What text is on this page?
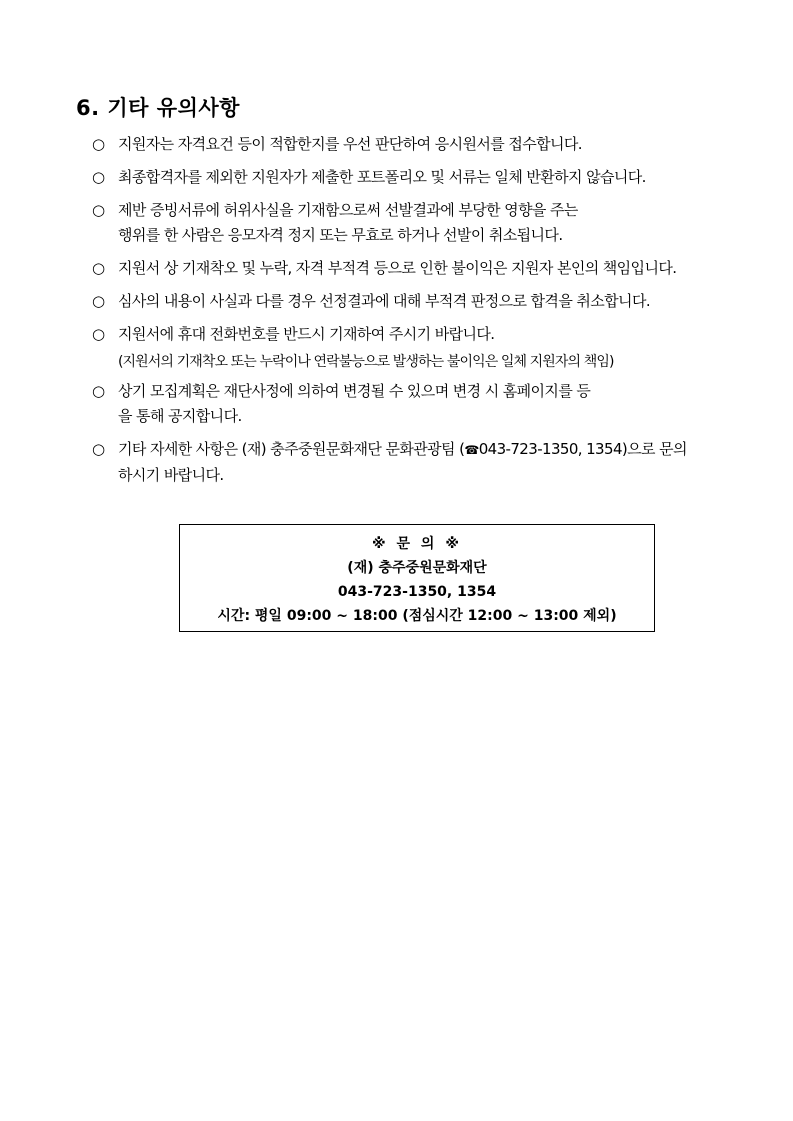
6. 기타 유의사항
○ 지원자는 자격요건 등이 적합한지를 우선 판단하여 응시원서를 접수합니다.
○ 최종합격자를 제외한 지원자가 제출한 포트폴리오 및 서류는 일체 반환하지 않습니다.
○ 제반 증빙서류에 허위사실을 기재함으로써 선발결과에 부당한 영향을 주는
행위를 한 사람은 응모자격 정지 또는 무효로 하거나 선발이 취소됩니다.
○ 지원서 상 기재착오 및 누락, 자격 부적격 등으로 인한 불이익은 지원자 본인의 책임입니다.
○ 심사의 내용이 사실과 다를 경우 선정결과에 대해 부적격 판정으로 합격을 취소합니다.
○ 지원서에 휴대 전화번호를 반드시 기재하여 주시기 바랍니다.
(지원서의 기재착오 또는 누락이나 연락불능으로 발생하는 불이익은 일체 지원자의 책임)
○ 상기 모집계획은 재단사정에 의하여 변경될 수 있으며 변경 시 홈페이지를 등
을 통해 공지합니다.
○ 기타 자세한 사항은 (재) 충주중원문화재단 문화관광팀 (☎043-723-1350, 1354)으로 문의
하시기 바랍니다.
※ 문 의 ※
(재) 충주중원문화재단
043-723-1350, 1354
시간: 평일 09:00 ~ 18:00 (점심시간 12:00 ~ 13:00 제외)
